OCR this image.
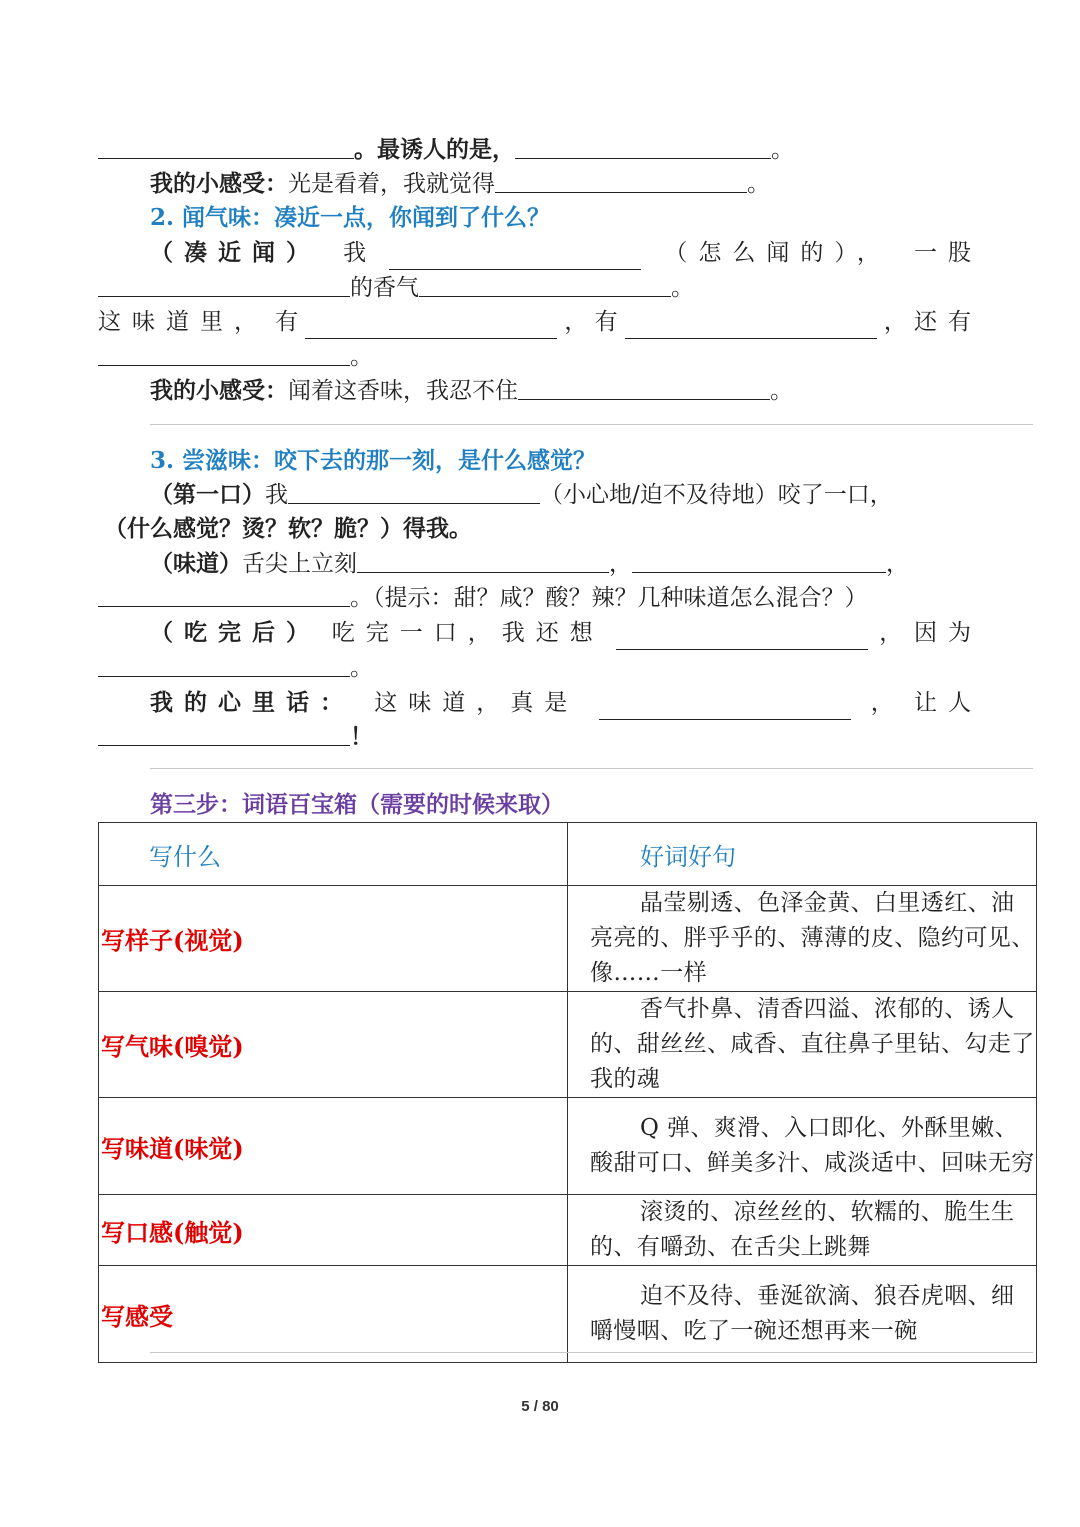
。最诱人的是，	。
我的小感受：光是看着，我就觉得	。
2. 闻气味：凑近一点，你闻到了什么？
（凑近闻） 我	（怎么闻的）， 一股
的香气	。
这味道里， 有	， 有	， 还有
。
我的小感受：闻着这香味，我忍不住	。
3. 尝滋味：咬下去的那一刻，是什么感觉？
（第一口）我	（小心地/迫不及待地）咬了一口，
（什么感觉？烫？软？脆？）得我。
（味道）舌尖上立刻	，	，
。（提示：甜？咸？酸？辣？几种味道怎么混合？）
（吃完后） 吃完一口，我还想	， 因为
。
我的心里话： 这味道，真是	， 让人
！
第三步：词语百宝箱（需要的时候来取）
写什么	好词好句
写样子(视觉)	晶莹剔透、色泽金黄、白里透红、油亮亮的、胖乎乎的、薄薄的皮、隐约可见、像……一样

写气味(嗅觉)	香气扑鼻、清香四溢、浓郁的、诱人的、甜丝丝、咸香、直往鼻子里钻、勾走了我的魂

写味道(味觉)	Q 弹、爽滑、入口即化、外酥里嫩、酸甜可口、鲜美多汁、咸淡适中、回味无穷

写口感(触觉)	滚烫的、凉丝丝的、软糯的、脆生生的、有嚼劲、在舌尖上跳舞

写感受	迫不及待、垂涎欲滴、狼吞虎咽、细嚼慢咽、吃了一碗还想再来一碗
5 / 80
